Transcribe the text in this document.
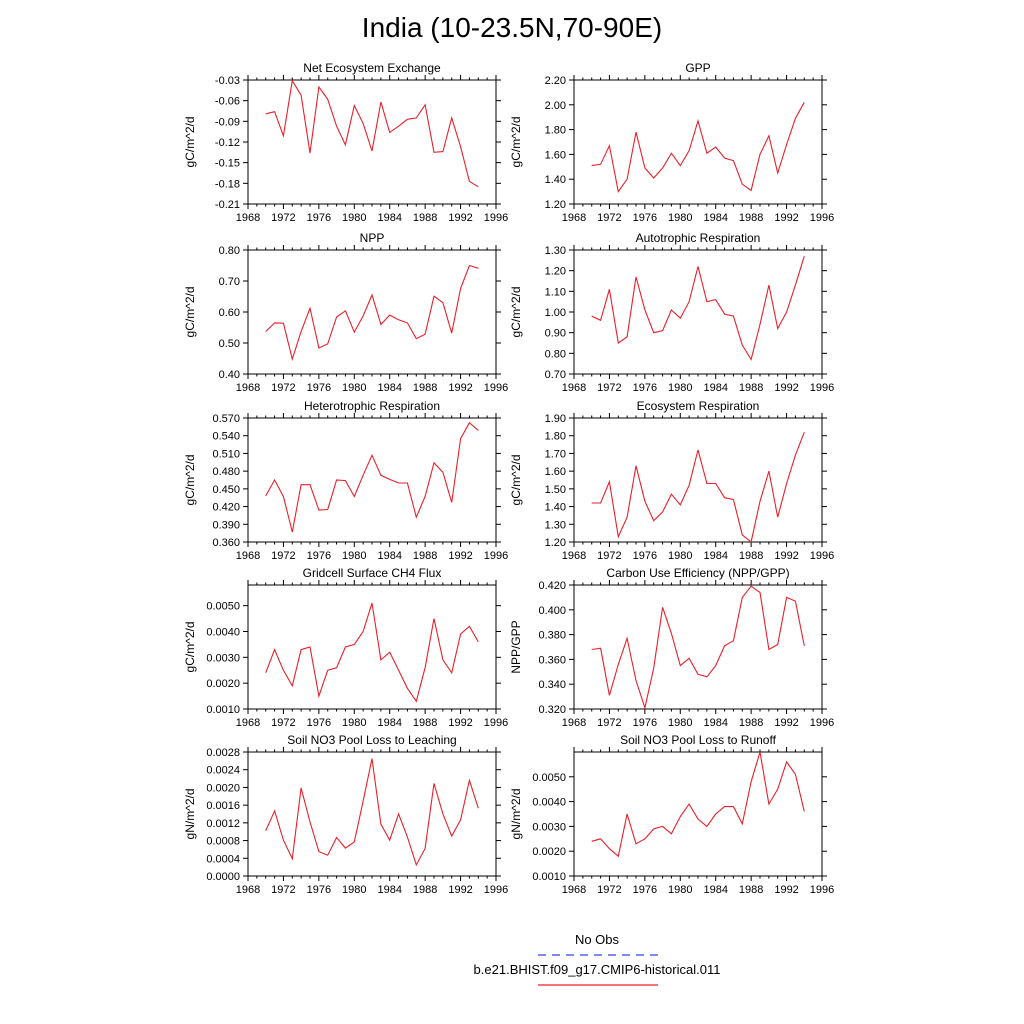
India (10-23.5N,70-90E)
Net Ecosystem Exchange
gC/m^2/d
1968 1972 1976 1980 1984 1988 1992 1996
-0.21
-0.18
-0.15
-0.12
-0.09
-0.06
-0.03
GPP
gC/m^2/d
1968 1972 1976 1980 1984 1988 1992 1996
1.20
1.40
1.60
1.80
2.00
2.20
NPP
gC/m^2/d
1968 1972 1976 1980 1984 1988 1992 1996
0.40
0.50
0.60
0.70
0.80
Autotrophic Respiration
gC/m^2/d
1968 1972 1976 1980 1984 1988 1992 1996
0.70
0.80
0.90
1.00
1.10
1.20
1.30
Heterotrophic Respiration
gC/m^2/d
1968 1972 1976 1980 1984 1988 1992 1996
0.360
0.390
0.420
0.450
0.480
0.510
0.540
0.570
Ecosystem Respiration
gC/m^2/d
1968 1972 1976 1980 1984 1988 1992 1996
1.20
1.30
1.40
1.50
1.60
1.70
1.80
1.90
Gridcell Surface CH4 Flux
gC/m^2/d
1968 1972 1976 1980 1984 1988 1992 1996
0.0010
0.0020
0.0030
0.0040
0.0050
Carbon Use Efficiency (NPP/GPP)
NPP/GPP
1968 1972 1976 1980 1984 1988 1992 1996
0.320
0.340
0.360
0.380
0.400
0.420
Soil NO3 Pool Loss to Leaching
gN/m^2/d
1968 1972 1976 1980 1984 1988 1992 1996
0.0000
0.0004
0.0008
0.0012
0.0016
0.0020
0.0024
0.0028
Soil NO3 Pool Loss to Runoff
gN/m^2/d
1968 1972 1976 1980 1984 1988 1992 1996
0.0010
0.0020
0.0030
0.0040
0.0050
No Obs
b.e21.BHIST.f09_g17.CMIP6-historical.011
